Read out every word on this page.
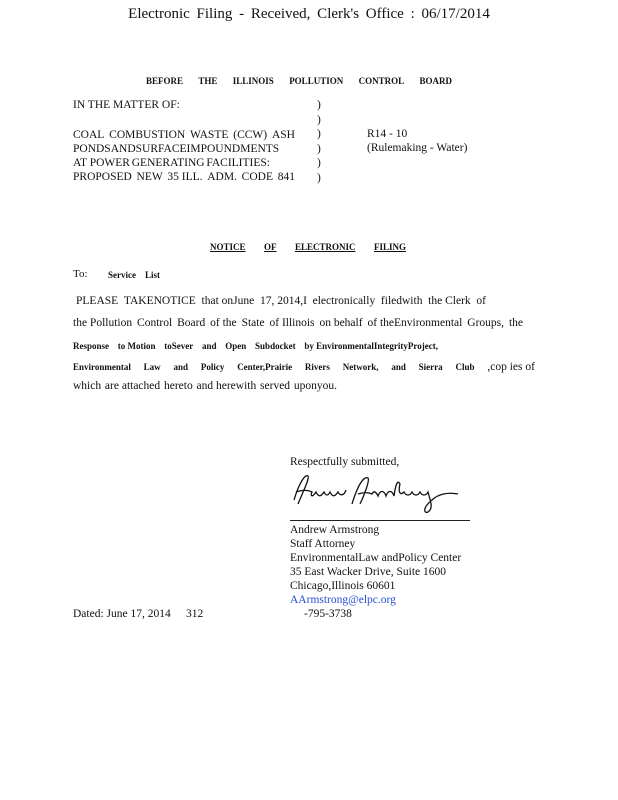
Electronic Filing - Received, Clerk's Office : 06/17/2014
BEFORE THE ILLINOIS POLLUTION CONTROL BOARD
IN THE MATTER OF:
COAL COMBUSTION WASTE (CCW) ASH
PONDS AND SURFACEIMPOUNDMENTS
AT POWER GENERATING FACILITIES:
PROPOSED NEW 35 ILL. ADM. CODE 841
)
)
)
)
)
)
R14 - 10
(Rulemaking - Water)
NOTICE OF ELECTRONIC FILING
To: Service List
PLEASE TAKENOTICE that onJune 17, 2014,I electronically filedwith the Clerk of
the Pollution Control Board of the State of Illinois on behalf of theEnvironmental Groups, the
Response to Motion toSever and Open Subdocket by EnvironmentalIntegrityProject,
Environmental Law and Policy Center,Prairie Rivers Network, and Sierra Club ,cop ies of
which are attached hereto and herewith served uponyou.
Respectfully submitted,
Andrew Armstrong
Staff Attorney
EnvironmentalLaw andPolicy Center
35 East Wacker Drive, Suite 1600
Chicago,Illinois 60601
AArmstrong@elpc.org
-795-3738
Dated: June 17, 2014 312
